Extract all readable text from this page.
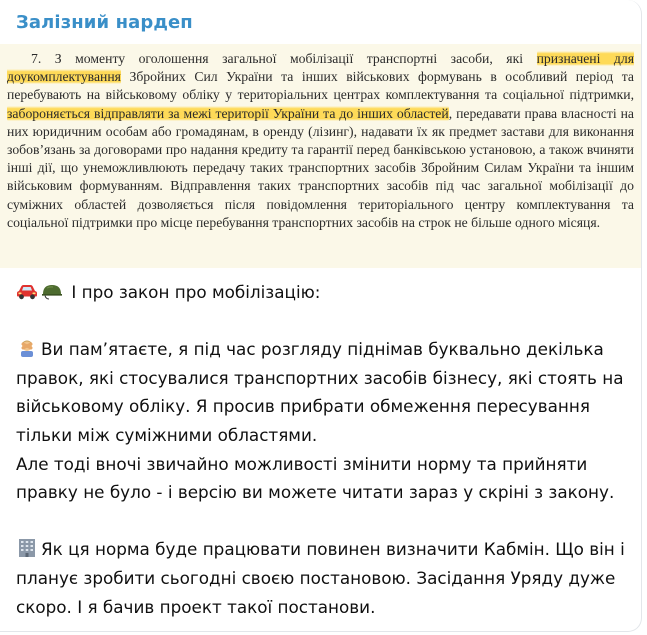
Залізний нардеп

7. З моменту оголошення загальної мобілізації транспортні засоби, які призначені для доукомплектування Збройних Сил України та інших військових формувань в особливий період та перебувають на військовому обліку у територіальних центрах комплектування та соціальної підтримки, забороняється відправляти за межі території України та до інших областей, передавати права власності на них юридичним особам або громадянам, в оренду (лізинг), надавати їх як предмет застави для виконання зобов’язань за договорами про надання кредиту та гарантії перед банківською установою, а також вчиняти інші дії, що унеможливлюють передачу таких транспортних засобів Збройним Силам України та іншим військовим формуванням. Відправлення таких транспортних засобів під час загальної мобілізації до суміжних областей дозволяється після повідомлення територіального центру комплектування та соціальної підтримки про місце перебування транспортних засобів на строк не більше одного місяця.

І про закон про мобілізацію:

Ви пам’ятаєте, я під час розгляду піднімав буквально декілька правок, які стосувалися транспортних засобів бізнесу, які стоять на військовому обліку. Я просив прибрати обмеження пересування тільки між суміжними областями.

Але тоді вночі звичайно можливості змінити норму та прийняти правку не було - і версію ви можете читати зараз у скріні з закону.

Як ця норма буде працювати повинен визначити Кабмін. Що він і планує зробити сьогодні своєю постановою. Засідання Уряду дуже скоро. І я бачив проект такої постанови.
